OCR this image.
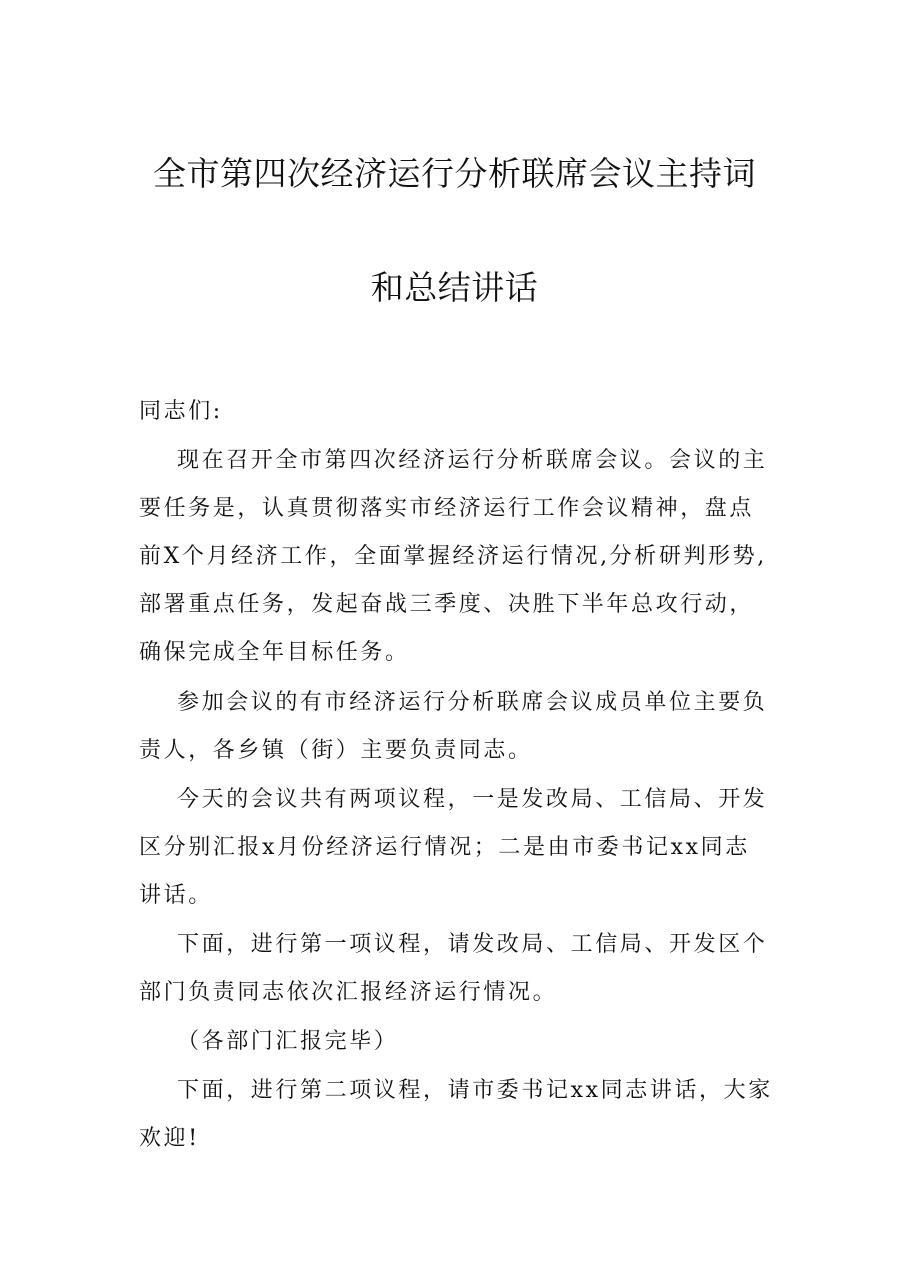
全市第四次经济运行分析联席会议主持词
和总结讲话
同志们:
现在召开全市第四次经济运行分析联席会议。会议的主
要任务是，认真贯彻落实市经济运行工作会议精神，盘点
前X个月经济工作，全面掌握经济运行情况,分析研判形势,
部署重点任务，发起奋战三季度、决胜下半年总攻行动，
确保完成全年目标任务。
参加会议的有市经济运行分析联席会议成员单位主要负
责人，各乡镇（街）主要负责同志。
今天的会议共有两项议程，一是发改局、工信局、开发
区分别汇报x月份经济运行情况；二是由市委书记xx同志
讲话。
下面，进行第一项议程，请发改局、工信局、开发区个
部门负责同志依次汇报经济运行情况。
（各部门汇报完毕）
下面，进行第二项议程，请市委书记xx同志讲话，大家
欢迎!
